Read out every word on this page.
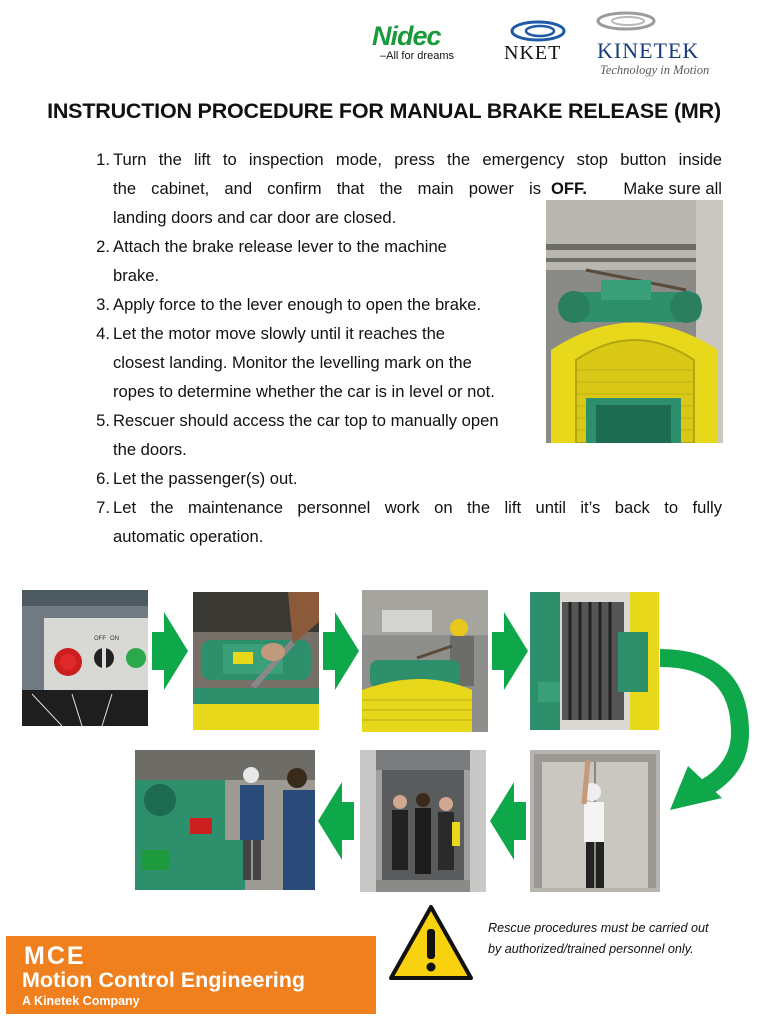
Nidec
–All for dreams	NKET KINETEK
Technology in Motion
INSTRUCTION PROCEDURE FOR MANUAL BRAKE RELEASE (MR)
1. Turn the lift to inspection mode, press the emergency stop button inside
the cabinet, and confirm that the main power is OFF. Make sure all
landing doors and car door are closed.
2. Attach the brake release lever to the machine
brake.
3. Apply force to the lever enough to open the brake.
4. Let the motor move slowly until it reaches the
closest landing. Monitor the levelling mark on the
ropes to determine whether the car is in level or not.
5. Rescuer should access the car top to manually open
the doors.
6. Let the passenger(s) out.
7. Let the maintenance personnel work on the lift until it’s back to fully
automatic operation.
OFF ON
Rescue procedures must be carried out
by authorized/trained personnel only.
MCE
Motion Control Engineering
A Kinetek Company
